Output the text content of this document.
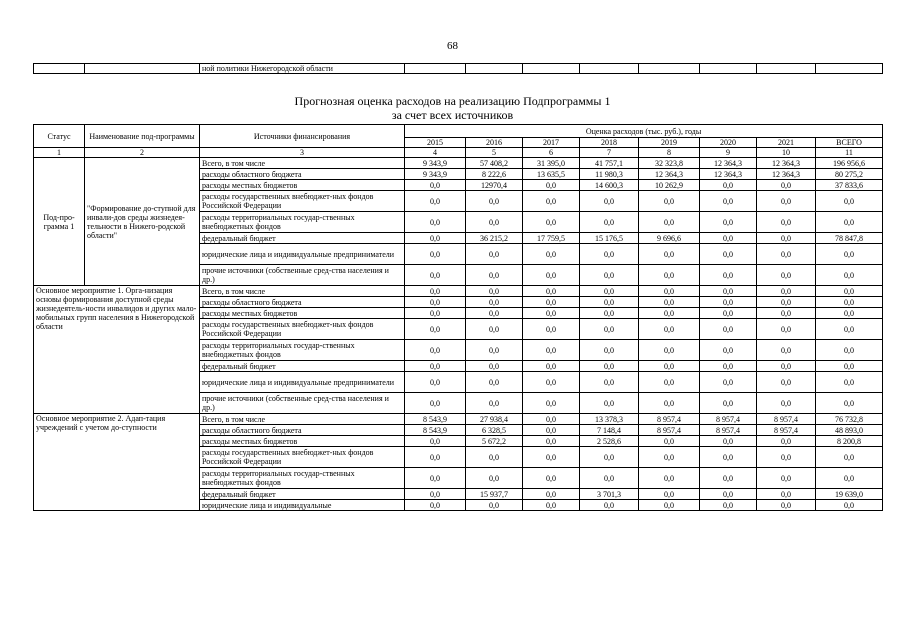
68
		ной политики Нижегородской области								
Прогнозная оценка расходов на реализацию Подпрограммы 1
за счет всех источников
Статус	Наименование под-программы	Источники финансирования	Оценка расходов (тыс. руб.), годы							
			2015	2016	2017	2018	2019	2020	2021	ВСЕГО
1	2	3	4	5	6	7	8	9	10	11
Под-про-грамма 1	"Формирование до-ступной для инвали-дов среды жизнедея-тельности в Нижего-родской области"	Всего, в том числе	9 343,9	57 408,2	31 395,0	41 757,1	32 323,8	12 364,3	12 364,3	196 956,6
		расходы областного бюджета	9 343,9	8 222,6	13 635,5	11 980,3	12 364,3	12 364,3	12 364,3	80 275,2
		расходы местных бюджетов	0,0	12970,4	0,0	14 600,3	10 262,9	0,0	0,0	37 833,6
		расходы государственных внебюджет-ных фондов Российской Федерации	0,0	0,0	0,0	0,0	0,0	0,0	0,0	0,0
		расходы территориальных государ-ственных внебюджетных фондов	0,0	0,0	0,0	0,0	0,0	0,0	0,0	0,0
		федеральный бюджет	0,0	36 215,2	17 759,5	15 176,5	9 696,6	0,0	0,0	78 847,8
		юридические лица и индивидуальные предприниматели	0,0	0,0	0,0	0,0	0,0	0,0	0,0	0,0
		прочие источники (собственные сред-ства населения и др.)	0,0	0,0	0,0	0,0	0,0	0,0	0,0	0,0
Основное мероприятие 1. Орга-низация основы формирования доступной среды жизнедеятель-ности инвалидов и других мало-мобильных групп населения в Нижегородской области		Всего, в том числе	0,0	0,0	0,0	0,0	0,0	0,0	0,0	0,0
		расходы областного бюджета	0,0	0,0	0,0	0,0	0,0	0,0	0,0	0,0
		расходы местных бюджетов	0,0	0,0	0,0	0,0	0,0	0,0	0,0	0,0
		расходы государственных внебюджет-ных фондов Российской Федерации	0,0	0,0	0,0	0,0	0,0	0,0	0,0	0,0
		расходы территориальных государ-ственных внебюджетных фондов	0,0	0,0	0,0	0,0	0,0	0,0	0,0	0,0
		федеральный бюджет	0,0	0,0	0,0	0,0	0,0	0,0	0,0	0,0
		юридические лица и индивидуальные предприниматели	0,0	0,0	0,0	0,0	0,0	0,0	0,0	0,0
		прочие источники (собственные сред-ства населения и др.)	0,0	0,0	0,0	0,0	0,0	0,0	0,0	0,0
Основное мероприятие 2. Адап-тация учреждений с учетом до-ступности		Всего, в том числе	8 543,9	27 938,4	0,0	13 378,3	8 957,4	8 957,4	8 957,4	76 732,8
		расходы областного бюджета	8 543,9	6 328,5	0,0	7 148,4	8 957,4	8 957,4	8 957,4	48 893,0
		расходы местных бюджетов	0,0	5 672,2	0,0	2 528,6	0,0	0,0	0,0	8 200,8
		расходы государственных внебюджет-ных фондов Российской Федерации	0,0	0,0	0,0	0,0	0,0	0,0	0,0	0,0
		расходы территориальных государ-ственных внебюджетных фондов	0,0	0,0	0,0	0,0	0,0	0,0	0,0	0,0
		федеральный бюджет	0,0	15 937,7	0,0	3 701,3	0,0	0,0	0,0	19 639,0
		юридические лица и индивидуальные	0,0	0,0	0,0	0,0	0,0	0,0	0,0	0,0
